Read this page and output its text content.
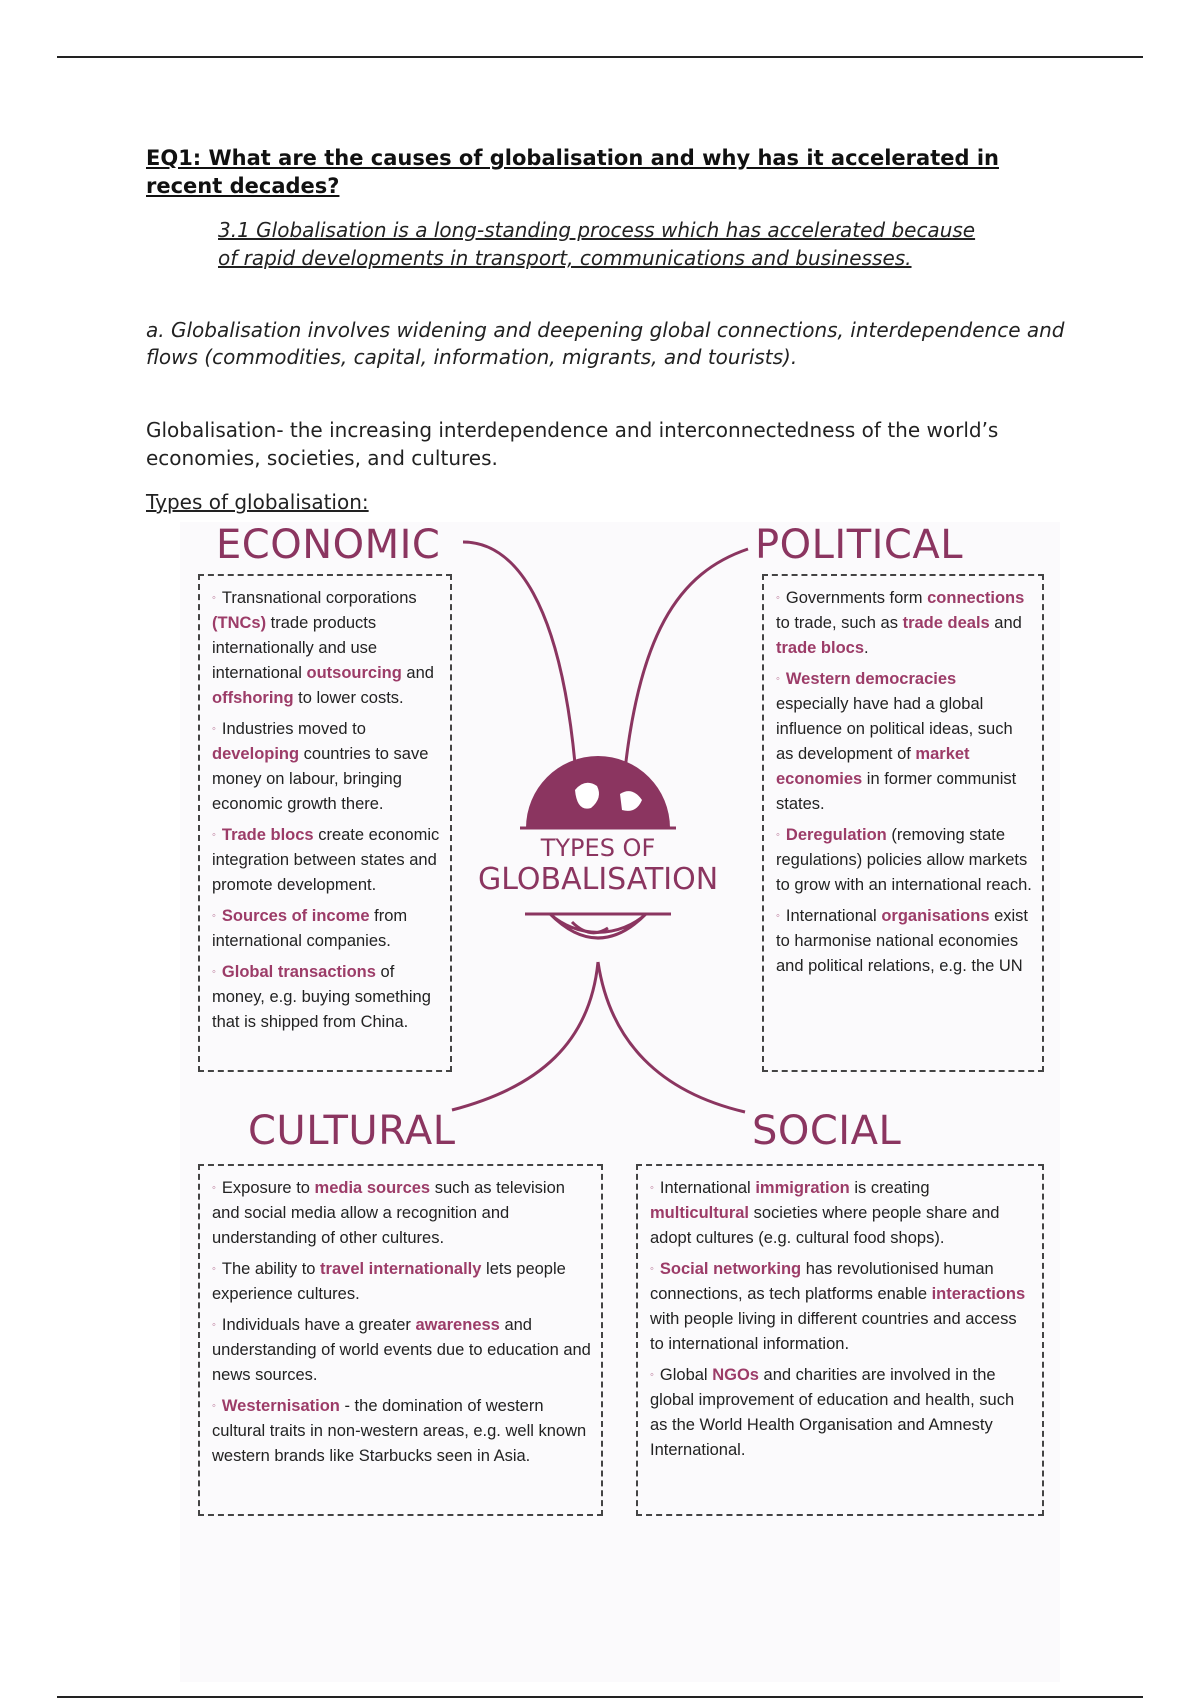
EQ1: What are the causes of globalisation and why has it accelerated in recent decades?
3.1 Globalisation is a long-standing process which has accelerated because of rapid developments in transport, communications and businesses.
a. Globalisation involves widening and deepening global connections, interdependence and flows (commodities, capital, information, migrants, and tourists).
Globalisation- the increasing interdependence and interconnectedness of the world’s economies, societies, and cultures.
Types of globalisation:
TYPES OF
GLOBALISATION
ECONOMIC

◦ Transnational corporations (TNCs) trade products internationally and use international outsourcing and offshoring to lower costs.

◦ Industries moved to developing countries to save money on labour, bringing economic growth there.

◦ Trade blocs create economic integration between states and promote development.

◦ Sources of income from international companies.

◦ Global transactions of money, e.g. buying something that is shipped from China.

POLITICAL

◦ Governments form connections to trade, such as trade deals and trade blocs.

◦ Western democracies especially have had a global influence on political ideas, such as development of market economies in former communist states.

◦ Deregulation (removing state regulations) policies allow markets to grow with an international reach.

◦ International organisations exist to harmonise national economies and political relations, e.g. the UN

CULTURAL

◦ Exposure to media sources such as television and social media allow a recognition and understanding of other cultures.

◦ The ability to travel internationally lets people experience cultures.

◦ Individuals have a greater awareness and understanding of world events due to education and news sources.

◦ Westernisation - the domination of western cultural traits in non-western areas, e.g. well known western brands like Starbucks seen in Asia.

SOCIAL

◦ International immigration is creating multicultural societies where people share and adopt cultures (e.g. cultural food shops).

◦ Social networking has revolutionised human connections, as tech platforms enable interactions with people living in different countries and access to international information.

◦ Global NGOs and charities are involved in the global improvement of education and health, such as the World Health Organisation and Amnesty International.
